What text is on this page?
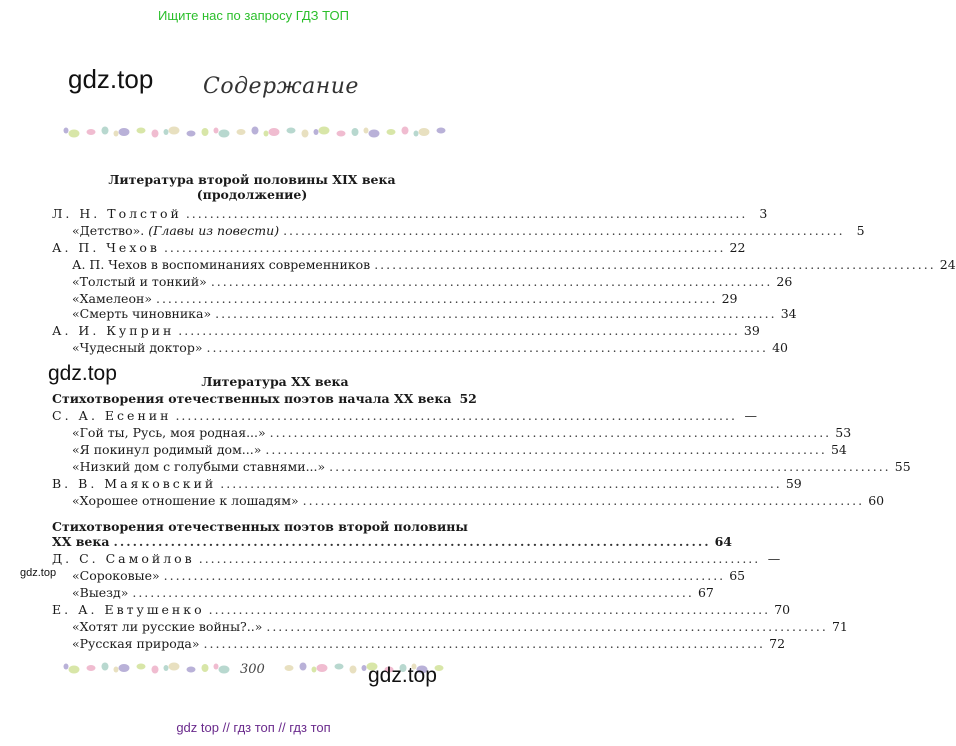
Ищите нас по запросу ГДЗ ТОП
gdz.top Содержание
Литература второй половины XIX века
(продолжение)
Л. Н. Толстой .............................................................................................. 3
«Детство». (Главы из повести) .............................................................................................. 5
А. П. Чехов .............................................................................................. 22
А. П. Чехов в воспоминаниях современников .............................................................................................. 24
«Толстый и тонкий» .............................................................................................. 26
«Хамелеон» .............................................................................................. 29
«Смерть чиновника» .............................................................................................. 34
А. И. Куприн .............................................................................................. 39
«Чудесный доктор» .............................................................................................. 40
gdz.top	Литература XX века
Стихотворения отечественных поэтов начала XX века 52
С. А. Есенин .............................................................................................. —
«Гой ты, Русь, моя родная...» .............................................................................................. 53
«Я покинул родимый дом...» .............................................................................................. 54
«Низкий дом с голубыми ставнями...» .............................................................................................. 55
В. В. Маяковский .............................................................................................. 59
«Хорошее отношение к лошадям» .............................................................................................. 60
Стихотворения отечественных поэтов второй половины
XX века .............................................................................................. 64
Д. С. Самойлов .............................................................................................. —
gdz.top «Сороковые» .............................................................................................. 65
«Выезд» .............................................................................................. 67
Е. А. Евтушенко .............................................................................................. 70
«Хотят ли русские войны?..» .............................................................................................. 71
«Русская природа» .............................................................................................. 72
300	gdz.top
gdz top // гдз топ // гдз топ
